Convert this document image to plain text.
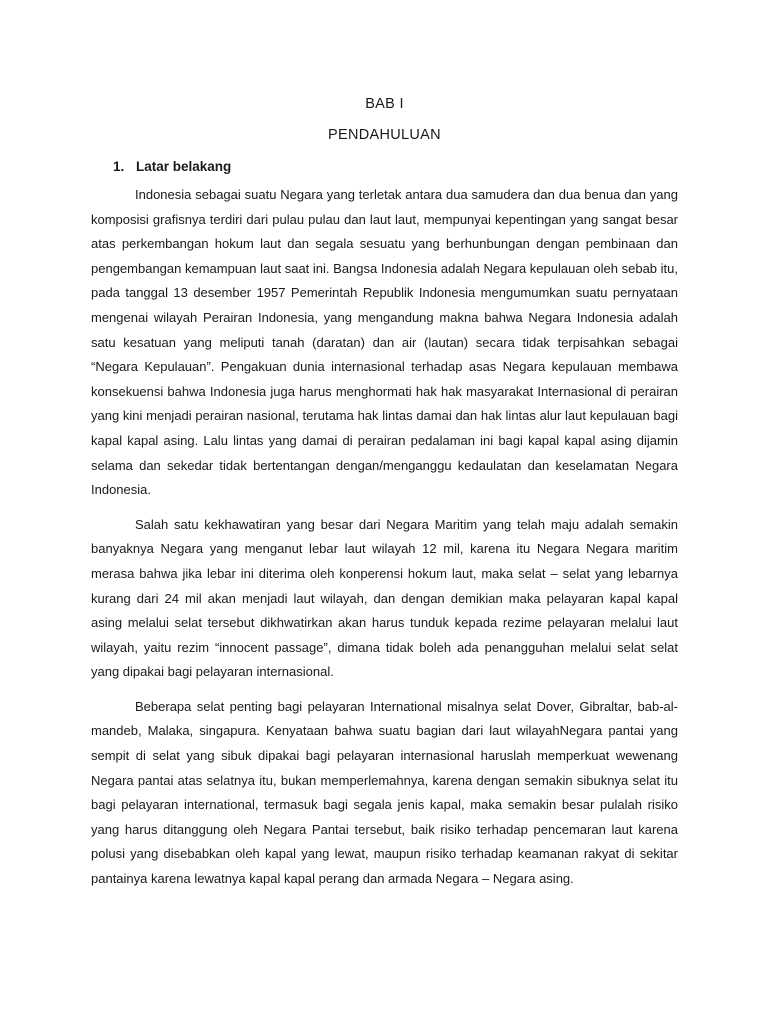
BAB I
PENDAHULUAN
1. Latar belakang

Indonesia sebagai suatu Negara yang terletak antara dua samudera dan dua benua dan yang komposisi grafisnya terdiri dari pulau pulau dan laut laut, mempunyai kepentingan yang sangat besar atas perkembangan hokum laut dan segala sesuatu yang berhunbungan dengan pembinaan dan pengembangan kemampuan laut saat ini. Bangsa Indonesia adalah Negara kepulauan oleh sebab itu, pada tanggal 13 desember 1957 Pemerintah Republik Indonesia mengumumkan suatu pernyataan mengenai wilayah Perairan Indonesia, yang mengandung makna bahwa Negara Indonesia adalah satu kesatuan yang meliputi tanah (daratan) dan air (lautan) secara tidak terpisahkan sebagai “Negara Kepulauan”. Pengakuan dunia internasional terhadap asas Negara kepulauan membawa konsekuensi bahwa Indonesia juga harus menghormati hak hak masyarakat Internasional di perairan yang kini menjadi perairan nasional, terutama hak lintas damai dan hak lintas alur laut kepulauan bagi kapal kapal asing. Lalu lintas yang damai di perairan pedalaman ini bagi kapal kapal asing dijamin selama dan sekedar tidak bertentangan dengan/menganggu kedaulatan dan keselamatan Negara Indonesia.

Salah satu kekhawatiran yang besar dari Negara Maritim yang telah maju adalah semakin banyaknya Negara yang menganut lebar laut wilayah 12 mil, karena itu Negara Negara maritim merasa bahwa jika lebar ini diterima oleh konperensi hokum laut, maka selat – selat yang lebarnya kurang dari 24 mil akan menjadi laut wilayah, dan dengan demikian maka pelayaran kapal kapal asing melalui selat tersebut dikhwatirkan akan harus tunduk kepada rezime pelayaran melalui laut wilayah, yaitu rezim “innocent passage”, dimana tidak boleh ada penangguhan melalui selat selat yang dipakai bagi pelayaran internasional.

Beberapa selat penting bagi pelayaran International misalnya selat Dover, Gibraltar, bab-al-mandeb, Malaka, singapura. Kenyataan bahwa suatu bagian dari laut wilayahNegara pantai yang sempit di selat yang sibuk dipakai bagi pelayaran internasional haruslah memperkuat wewenang Negara pantai atas selatnya itu, bukan memperlemahnya, karena dengan semakin sibuknya selat itu bagi pelayaran international, termasuk bagi segala jenis kapal, maka semakin besar pulalah risiko yang harus ditanggung oleh Negara Pantai tersebut, baik risiko terhadap pencemaran laut karena polusi yang disebabkan oleh kapal yang lewat, maupun risiko terhadap keamanan rakyat di sekitar pantainya karena lewatnya kapal kapal perang dan armada Negara – Negara asing.
